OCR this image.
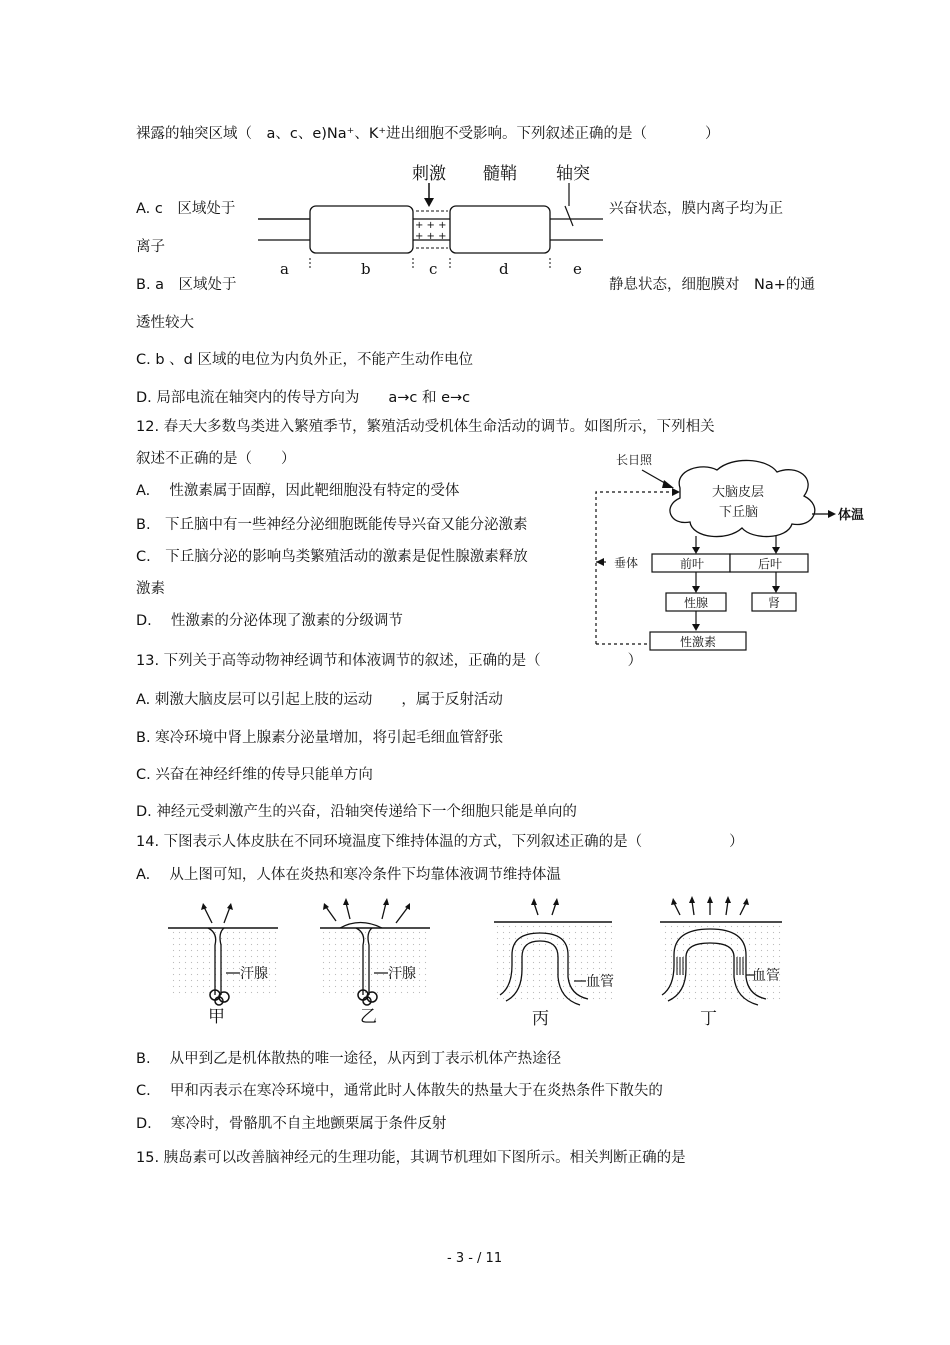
裸露的轴突区域（　a、c、e)Na⁺、K⁺进出细胞不受影响。下列叙述正确的是（　　　　）
A. c　区域处于	兴奋状态，膜内离子均为正
离子
B. a　区域处于	静息状态，细胞膜对　Na+的通
透性较大
C. b 、d 区域的电位为内负外正，不能产生动作电位
D. 局部电流在轴突内的传导方向为　　a→c 和 e→c
刺激 髓鞘 轴突
+ + +
+ + +
a	b	c	d	e
12. 春天大多数鸟类进入繁殖季节，繁殖活动受机体生命活动的调节。如图所示，下列相关
叙述不正确的是（　　）
A.　 性激素属于固醇，因此靶细胞没有特定的受体
B.　下丘脑中有一些神经分泌细胞既能传导兴奋又能分泌激素
C.　下丘脑分泌的影响鸟类繁殖活动的激素是促性腺激素释放
激素
D.　 性激素的分泌体现了激素的分级调节
长日照
大脑皮层
下丘脑	体温
垂体	前叶	后叶
性腺	肾
性激素
13. 下列关于高等动物神经调节和体液调节的叙述，正确的是（　　　　　　）
A. 刺激大脑皮层可以引起上肢的运动　　，属于反射活动
B. 寒冷环境中肾上腺素分泌量增加，将引起毛细血管舒张
C. 兴奋在神经纤维的传导只能单方向
D. 神经元受刺激产生的兴奋，沿轴突传递给下一个细胞只能是单向的
14. 下图表示人体皮肤在不同环境温度下维持体温的方式，下列叙述正确的是（　　　　　　）
A.　 从上图可知，人体在炎热和寒冷条件下均靠体液调节维持体温
汗腺
甲
汗腺
乙
血管
丙
血管
丁
B.　 从甲到乙是机体散热的唯一途径，从丙到丁表示机体产热途径
C.　 甲和丙表示在寒冷环境中，通常此时人体散失的热量大于在炎热条件下散失的
D.　 寒冷时，骨骼肌不自主地颤栗属于条件反射
15. 胰岛素可以改善脑神经元的生理功能，其调节机理如下图所示。相关判断正确的是
- 3 - / 11
